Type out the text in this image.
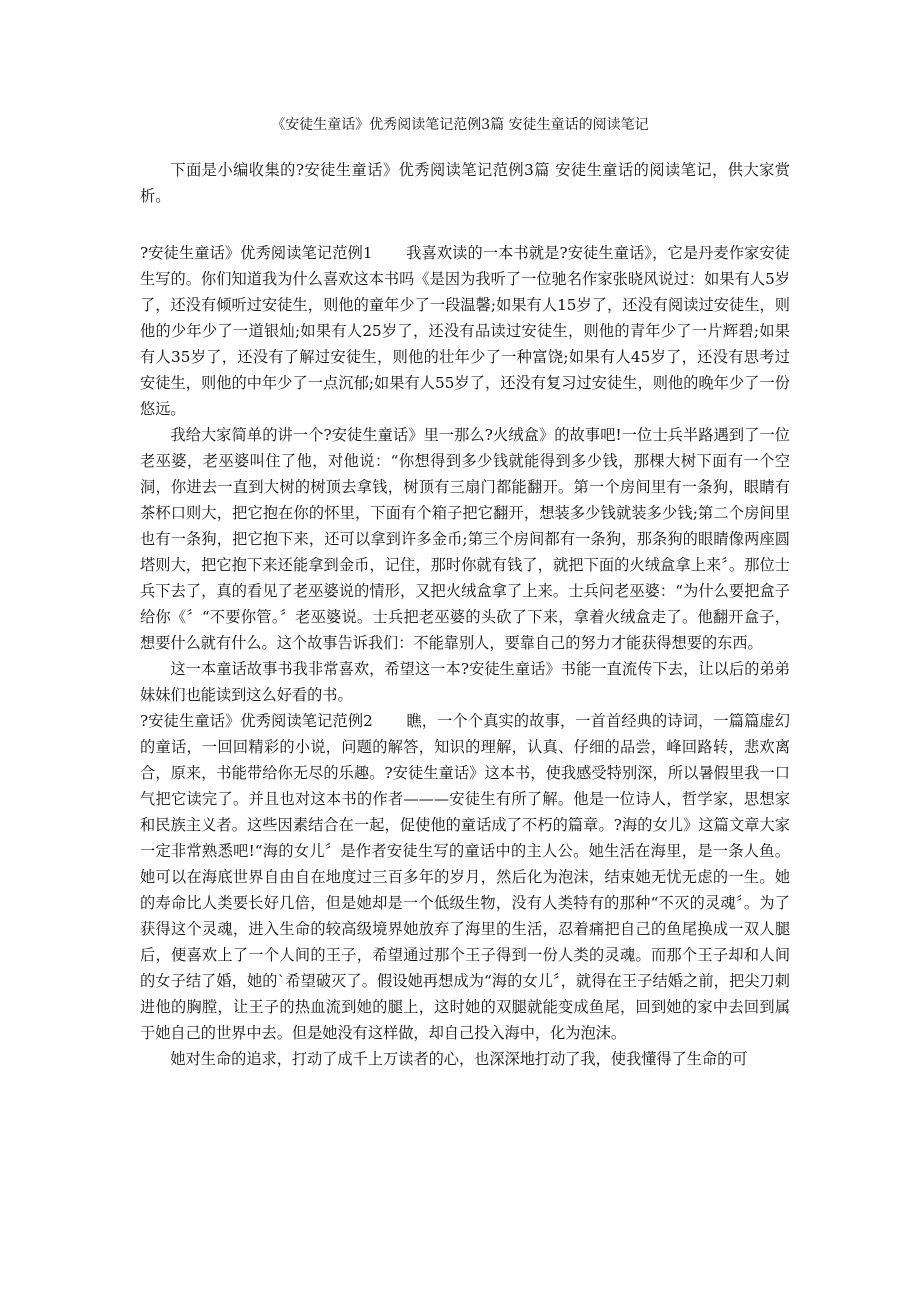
《安徒生童话》优秀阅读笔记范例3篇 安徒生童话的阅读笔记

下面是小编收集的?安徒生童话》优秀阅读笔记范例3篇 安徒生童话的阅读笔记，供大家赏析。

?安徒生童话》优秀阅读笔记范例1 我喜欢读的一本书就是?安徒生童话》，它是丹麦作家安徒生写的。你们知道我为什么喜欢这本书吗《是因为我听了一位驰名作家张晓风说过：如果有人5岁了，还没有倾听过安徒生，则他的童年少了一段温馨;如果有人15岁了，还没有阅读过安徒生，则他的少年少了一道银灿;如果有人25岁了，还没有品读过安徒生，则他的青年少了一片辉碧;如果有人35岁了，还没有了解过安徒生，则他的壮年少了一种富饶;如果有人45岁了，还没有思考过安徒生，则他的中年少了一点沉郁;如果有人55岁了，还没有复习过安徒生，则他的晚年少了一份悠远。

我给大家简单的讲一个?安徒生童话》里一那么?火绒盒》的故事吧!一位士兵半路遇到了一位老巫婆，老巫婆叫住了他，对他说：“你想得到多少钱就能得到多少钱，那棵大树下面有一个空洞，你进去一直到大树的树顶去拿钱，树顶有三扇门都能翻开。第一个房间里有一条狗，眼睛有茶杯口则大，把它抱在你的怀里，下面有个箱子把它翻开，想装多少钱就装多少钱;第二个房间里也有一条狗，把它抱下来，还可以拿到许多金币;第三个房间都有一条狗，那条狗的眼睛像两座圆塔则大，把它抱下来还能拿到金币，记住，那时你就有钱了，就把下面的火绒盒拿上来〞。那位士兵下去了，真的看见了老巫婆说的情形，又把火绒盒拿了上来。士兵问老巫婆：“为什么要把盒子给你《〞“不要你管。〞老巫婆说。士兵把老巫婆的头砍了下来，拿着火绒盒走了。他翻开盒子，想要什么就有什么。这个故事告诉我们：不能靠别人，要靠自己的努力才能获得想要的东西。

这一本童话故事书我非常喜欢，希望这一本?安徒生童话》书能一直流传下去，让以后的弟弟妹妹们也能读到这么好看的书。

?安徒生童话》优秀阅读笔记范例2 瞧，一个个真实的故事，一首首经典的诗词，一篇篇虚幻的童话，一回回精彩的小说，问题的解答，知识的理解，认真、仔细的品尝，峰回路转，悲欢离合，原来，书能带给你无尽的乐趣。?安徒生童话》这本书，使我感受特别深，所以暑假里我一口气把它读完了。并且也对这本书的作者———安徒生有所了解。他是一位诗人，哲学家，思想家和民族主义者。这些因素结合在一起，促使他的童话成了不朽的篇章。?海的女儿》这篇文章大家一定非常熟悉吧!“海的女儿〞是作者安徒生写的童话中的主人公。她生活在海里，是一条人鱼。她可以在海底世界自由自在地度过三百多年的岁月，然后化为泡沫，结束她无忧无虑的一生。她的寿命比人类要长好几倍，但是她却是一个低级生物，没有人类特有的那种“不灭的灵魂〞。为了获得这个灵魂，进入生命的较高级境界她放弃了海里的生活，忍着痛把自己的鱼尾换成一双人腿后，便喜欢上了一个人间的王子，希望通过那个王子得到一份人类的灵魂。而那个王子却和人间的女子结了婚，她的`希望破灭了。假设她再想成为“海的女儿〞，就得在王子结婚之前，把尖刀刺进他的胸膛，让王子的热血流到她的腿上，这时她的双腿就能变成鱼尾，回到她的家中去回到属于她自己的世界中去。但是她没有这样做，却自己投入海中，化为泡沫。

她对生命的追求，打动了成千上万读者的心，也深深地打动了我，使我懂得了生命的可
